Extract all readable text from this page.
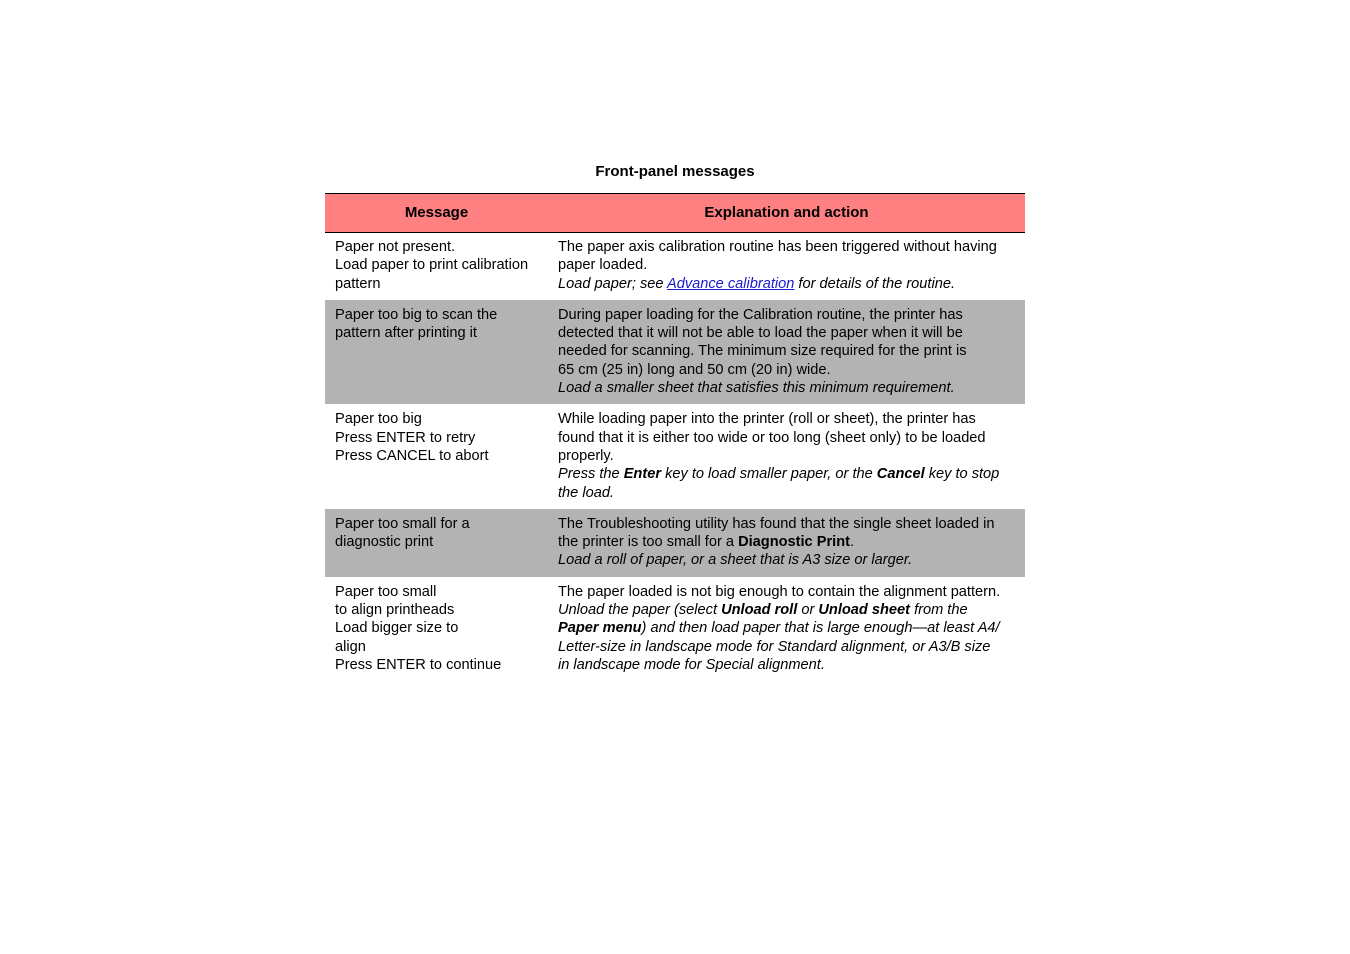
Front-panel messages
Message	Explanation and action
Paper not present.
Load paper to print calibration
pattern
The paper axis calibration routine has been triggered without having
paper loaded.
Load paper; see Advance calibration for details of the routine.
Paper too big to scan the
pattern after printing it
During paper loading for the Calibration routine, the printer has
detected that it will not be able to load the paper when it will be
needed for scanning. The minimum size required for the print is
65 cm (25 in) long and 50 cm (20 in) wide.
Load a smaller sheet that satisfies this minimum requirement.
Paper too big
Press ENTER to retry
Press CANCEL to abort
While loading paper into the printer (roll or sheet), the printer has
found that it is either too wide or too long (sheet only) to be loaded
properly.
Press the Enter key to load smaller paper, or the Cancel key to stop
the load.
Paper too small for a
diagnostic print
The Troubleshooting utility has found that the single sheet loaded in
the printer is too small for a Diagnostic Print.
Load a roll of paper, or a sheet that is A3 size or larger.
Paper too small
to align printheads
Load bigger size to
align
Press ENTER to continue
The paper loaded is not big enough to contain the alignment pattern.
Unload the paper (select Unload roll or Unload sheet from the
Paper menu) and then load paper that is large enough—at least A4/
Letter-size in landscape mode for Standard alignment, or A3/B size
in landscape mode for Special alignment.
